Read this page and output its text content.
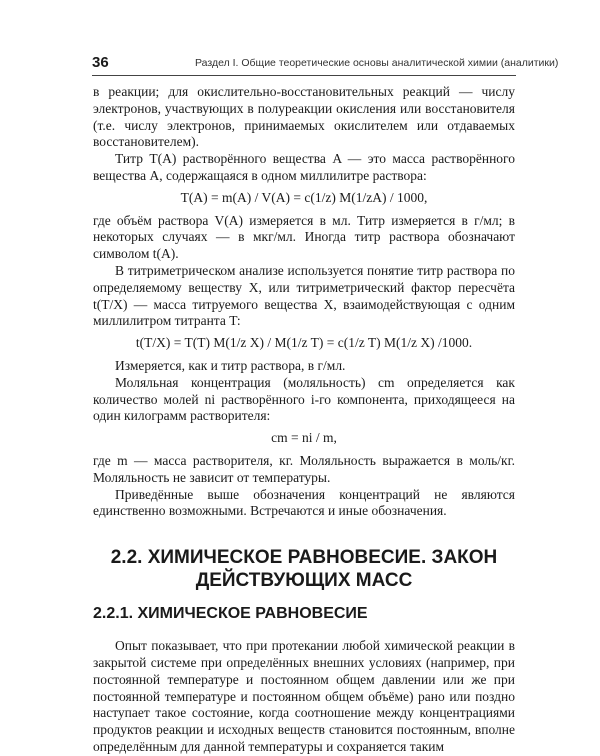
36	Раздел I. Общие теоретические основы аналитической химии (аналитики)

в реакции; для окислительно-восстановительных реакций — числу электронов, участвующих в полуреакции окисления или восстановителя (т.е. числу электронов, принимаемых окислителем или отдаваемых восстановителем).

Титр T(A) растворённого вещества A — это масса растворённого вещества A, содержащаяся в одном миллилитре раствора:

T(A) = m(A) / V(A) = c(1/z) M(1/zA) / 1000,

где объём раствора V(A) измеряется в мл. Титр измеряется в г/мл; в некоторых случаях — в мкг/мл. Иногда титр раствора обозначают символом t(A).

В титриметрическом анализе используется понятие титр раствора по определяемому веществу X, или титриметрический фактор пересчёта t(T/X) — масса титруемого вещества X, взаимодействующая с одним миллилитром титранта T:

t(T/X) = T(T) M(1/z X) / M(1/z T) = c(1/z T) M(1/z X) /1000.

Измеряется, как и титр раствора, в г/мл.

Моляльная концентрация (моляльность) cm определяется как количество молей ni растворённого i-го компонента, приходящееся на один килограмм растворителя:

cm = ni / m,

где m — масса растворителя, кг. Моляльность выражается в моль/кг. Моляльность не зависит от температуры.

Приведённые выше обозначения концентраций не являются единственно возможными. Встречаются и иные обозначения.

2.2. ХИМИЧЕСКОЕ РАВНОВЕСИЕ. ЗАКОН ДЕЙСТВУЮЩИХ МАСС
2.2.1. ХИМИЧЕСКОЕ РАВНОВЕСИЕ

Опыт показывает, что при протекании любой химической реакции в закрытой системе при определённых внешних условиях (например, при постоянной температуре и постоянном общем давлении или же при постоянной температуре и постоянном общем объёме) рано или поздно наступает такое состояние, когда соотношение между концентрациями продуктов реакции и исходных веществ становится постоянным, вполне определённым для данной температуры и сохраняется таким
